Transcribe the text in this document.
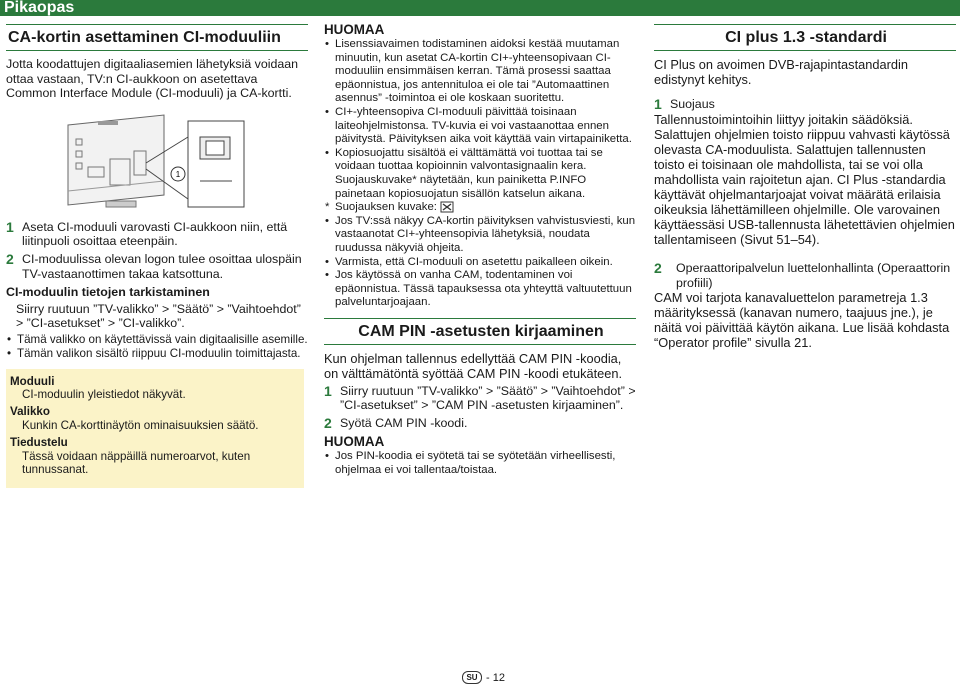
Pikaopas
CA-kortin asettaminen CI-moduuliin

Jotta koodattujen digitaaliasemien lähetyksiä voidaan ottaa vastaan, TV:n CI-aukkoon on asetettava Common Interface Module (CI-moduuli) ja CA-kortti.

1
1 Aseta CI-moduuli varovasti CI-aukkoon niin, että liitinpuoli osoittaa eteenpäin.
2 CI-moduulissa olevan logon tulee osoittaa ulospäin TV-vastaanottimen takaa katsottuna.
CI-moduulin tietojen tarkistaminen

Siirry ruutuun ”TV-valikko” > ”Säätö” > ”Vaihtoehdot” > ”CI-asetukset” > ”CI-valikko”.

• Tämä valikko on käytettävissä vain digitaalisille asemille.
• Tämän valikon sisältö riippuu CI-moduulin toimittajasta.
Moduuli
CI-moduulin yleistiedot näkyvät.
Valikko
Kunkin CA-korttinäytön ominaisuuksien säätö.
Tiedustelu
Tässä voidaan näppäillä numeroarvot, kuten tunnussanat.
HUOMAA
• Lisenssiavaimen todistaminen aidoksi kestää muutaman minuutin, kun asetat CA-kortin CI+-yhteensopivaan CI-moduuliin ensimmäisen kerran. Tämä prosessi saattaa epäonnistua, jos antennituloa ei ole tai ”Automaattinen asennus” -toimintoa ei ole koskaan suoritettu.
• CI+-yhteensopiva CI-moduuli päivittää toisinaan laiteohjelmistonsa. TV-kuvia ei voi vastaanottaa ennen päivitystä. Päivityksen aika voit käyttää vain virtapainiketta.
• Kopiosuojattu sisältöä ei välttämättä voi tuottaa tai se voidaan tuottaa kopioinnin valvontasignaalin kera. Suojauskuvake* näytetään, kun painiketta P.INFO painetaan kopiosuojatun sisällön katselun aikana.
* Suojauksen kuvake:
• Jos TV:ssä näkyy CA-kortin päivityksen vahvistusviesti, kun vastaanotat CI+-yhteensopivia lähetyksiä, noudata ruudussa näkyviä ohjeita.
• Varmista, että CI-moduuli on asetettu paikalleen oikein.
• Jos käytössä on vanha CAM, todentaminen voi epäonnistua. Tässä tapauksessa ota yhteyttä valtuutettuun palveluntarjoajaan.
CAM PIN -asetusten kirjaaminen

Kun ohjelman tallennus edellyttää CAM PIN -koodia, on välttämätöntä syöttää CAM PIN -koodi etukäteen.

1 Siirry ruutuun ”TV-valikko” > ”Säätö” > ”Vaihtoehdot” > ”CI-asetukset” > ”CAM PIN -asetusten kirjaaminen”.
2 Syötä CAM PIN -koodi.
HUOMAA
• Jos PIN-koodia ei syötetä tai se syötetään virheellisesti, ohjelmaa ei voi tallentaa/toistaa.
CI plus 1.3 -standardi

CI Plus on avoimen DVB-rajapintastandardin edistynyt kehitys.

1 Suojaus

Tallennustoimintoihin liittyy joitakin säädöksiä. Salattujen ohjelmien toisto riippuu vahvasti käytössä olevasta CA-moduulista. Salattujen tallennusten toisto ei toisinaan ole mahdollista, tai se voi olla mahdollista vain rajoitetun ajan. CI Plus -standardia käyttävät ohjelmantarjoajat voivat määrätä erilaisia oikeuksia lähettämilleen ohjelmille. Ole varovainen käyttäessäsi USB-tallennusta lähetettävien ohjelmien tallentamiseen (Sivut 51–54).

2	Operaattoripalvelun luettelonhallinta (Operaattorin profiili)

CAM voi tarjota kanavaluettelon parametreja 1.3 määrityksessä (kanavan numero, taajuus jne.), je näitä voi päivittää käytön aikana. Lue lisää kohdasta “Operator profile” sivulla 21.

SU - 12
